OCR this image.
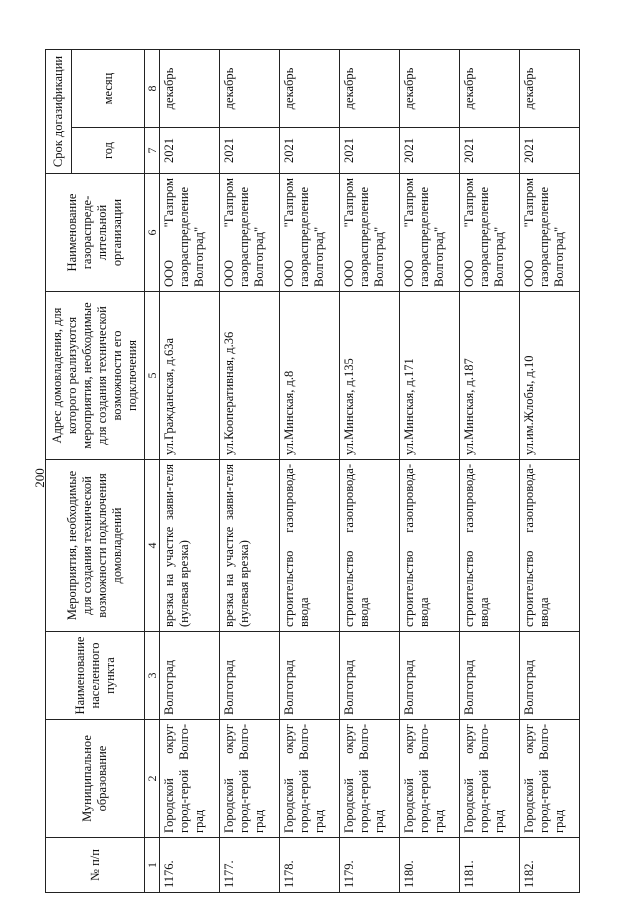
200
№ п/п	Муниципальное образование	Наименование населенного пункта	Мероприятия, необходимые для создания технической возможности подключения домовладений	Адрес домовладения, для которого реализуются мероприятия, необходимые для создания технической возможности его подключения	Наименование газораспреде-лительной организации	Срок догазификации	
						год	месяц
1	2	3	4	5	6	7	8
1176.	Городской округ город-герой Волго-град	Волгоград	врезка на участке заяви-теля (нулевая врезка)	ул.Гражданская, д.63а	ООО "Газпром газораспределение Волгоград"	2021	декабрь
1177.	Городской округ город-герой Волго-град	Волгоград	врезка на участке заяви-теля (нулевая врезка)	ул.Кооперативная, д.36	ООО "Газпром газораспределение Волгоград"	2021	декабрь
1178.	Городской округ город-герой Волго-град	Волгоград	строительство газопровода-ввода	ул.Минская, д.8	ООО "Газпром газораспределение Волгоград"	2021	декабрь
1179.	Городской округ город-герой Волго-град	Волгоград	строительство газопровода-ввода	ул.Минская, д.135	ООО "Газпром газораспределение Волгоград"	2021	декабрь
1180.	Городской округ город-герой Волго-град	Волгоград	строительство газопровода-ввода	ул.Минская, д.171	ООО "Газпром газораспределение Волгоград"	2021	декабрь
1181.	Городской округ город-герой Волго-град	Волгоград	строительство газопровода-ввода	ул.Минская, д.187	ООО "Газпром газораспределение Волгоград"	2021	декабрь
1182.	Городской округ город-герой Волго-град	Волгоград	строительство газопровода-ввода	ул.им.Жлобы, д.10	ООО "Газпром газораспределение Волгоград"	2021	декабрь
